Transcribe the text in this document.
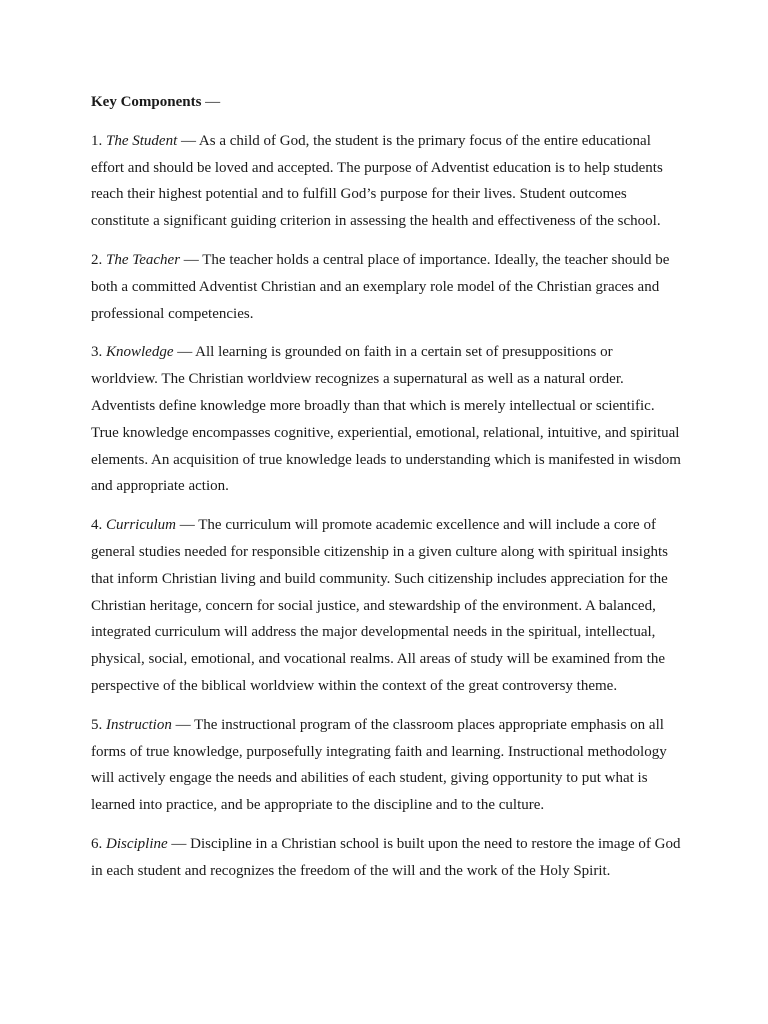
Key Components —

1. The Student — As a child of God, the student is the primary focus of the entire educational effort and should be loved and accepted. The purpose of Adventist education is to help students reach their highest potential and to fulfill God’s purpose for their lives. Student outcomes constitute a significant guiding criterion in assessing the health and effectiveness of the school.

2. The Teacher — The teacher holds a central place of importance. Ideally, the teacher should be both a committed Adventist Christian and an exemplary role model of the Christian graces and professional competencies.

3. Knowledge — All learning is grounded on faith in a certain set of presuppositions or worldview. The Christian worldview recognizes a supernatural as well as a natural order. Adventists define knowledge more broadly than that which is merely intellectual or scientific. True knowledge encompasses cognitive, experiential, emotional, relational, intuitive, and spiritual elements. An acquisition of true knowledge leads to understanding which is manifested in wisdom and appropriate action.

4. Curriculum — The curriculum will promote academic excellence and will include a core of general studies needed for responsible citizenship in a given culture along with spiritual insights that inform Christian living and build community. Such citizenship includes appreciation for the Christian heritage, concern for social justice, and stewardship of the environment. A balanced, integrated curriculum will address the major developmental needs in the spiritual, intellectual, physical, social, emotional, and vocational realms. All areas of study will be examined from the perspective of the biblical worldview within the context of the great controversy theme.

5. Instruction — The instructional program of the classroom places appropriate emphasis on all forms of true knowledge, purposefully integrating faith and learning. Instructional methodology will actively engage the needs and abilities of each student, giving opportunity to put what is learned into practice, and be appropriate to the discipline and to the culture.

6. Discipline — Discipline in a Christian school is built upon the need to restore the image of God in each student and recognizes the freedom of the will and the work of the Holy Spirit.
